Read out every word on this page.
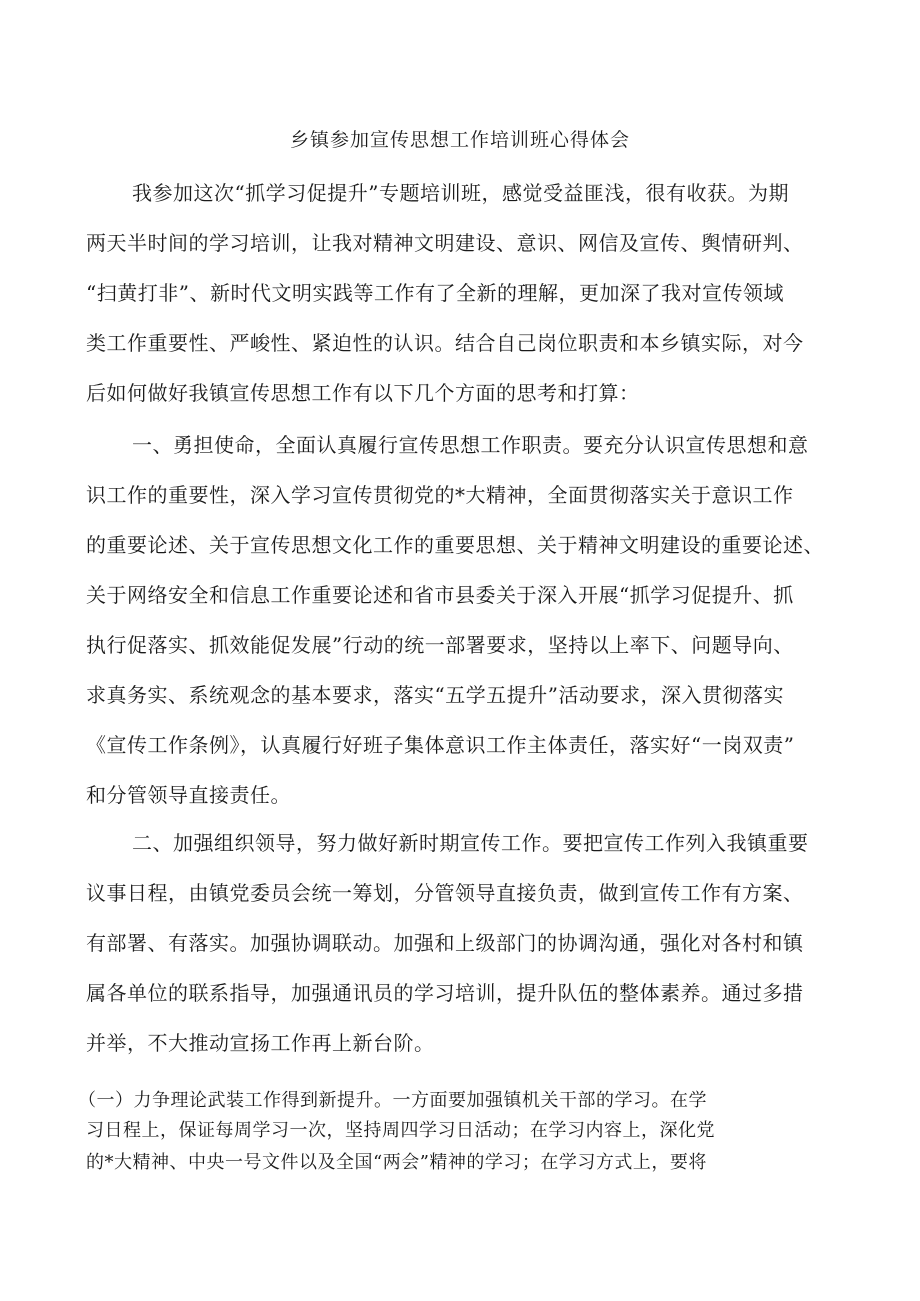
乡镇参加宣传思想工作培训班心得体会
我参加这次“抓学习促提升”专题培训班，感觉受益匪浅，很有收获。为期
两天半时间的学习培训，让我对精神文明建设、意识、网信及宣传、舆情研判、
“扫黄打非”、新时代文明实践等工作有了全新的理解，更加深了我对宣传领域
类工作重要性、严峻性、紧迫性的认识。结合自己岗位职责和本乡镇实际，对今
后如何做好我镇宣传思想工作有以下几个方面的思考和打算：
一、勇担使命，全面认真履行宣传思想工作职责。要充分认识宣传思想和意
识工作的重要性，深入学习宣传贯彻党的*大精神，全面贯彻落实关于意识工作
的重要论述、关于宣传思想文化工作的重要思想、关于精神文明建设的重要论述、
关于网络安全和信息工作重要论述和省市县委关于深入开展“抓学习促提升、抓
执行促落实、抓效能促发展”行动的统一部署要求，坚持以上率下、问题导向、
求真务实、系统观念的基本要求，落实“五学五提升”活动要求，深入贯彻落实
《宣传工作条例》，认真履行好班子集体意识工作主体责任，落实好“一岗双责”
和分管领导直接责任。
二、加强组织领导，努力做好新时期宣传工作。要把宣传工作列入我镇重要
议事日程，由镇党委员会统一筹划，分管领导直接负责，做到宣传工作有方案、
有部署、有落实。加强协调联动。加强和上级部门的协调沟通，强化对各村和镇
属各单位的联系指导，加强通讯员的学习培训，提升队伍的整体素养。通过多措
并举，不大推动宣扬工作再上新台阶。
（一）力争理论武装工作得到新提升。一方面要加强镇机关干部的学习。在学
习日程上，保证每周学习一次，坚持周四学习日活动；在学习内容上，深化党
的*大精神、中央一号文件以及全国“两会”精神的学习；在学习方式上，要将
